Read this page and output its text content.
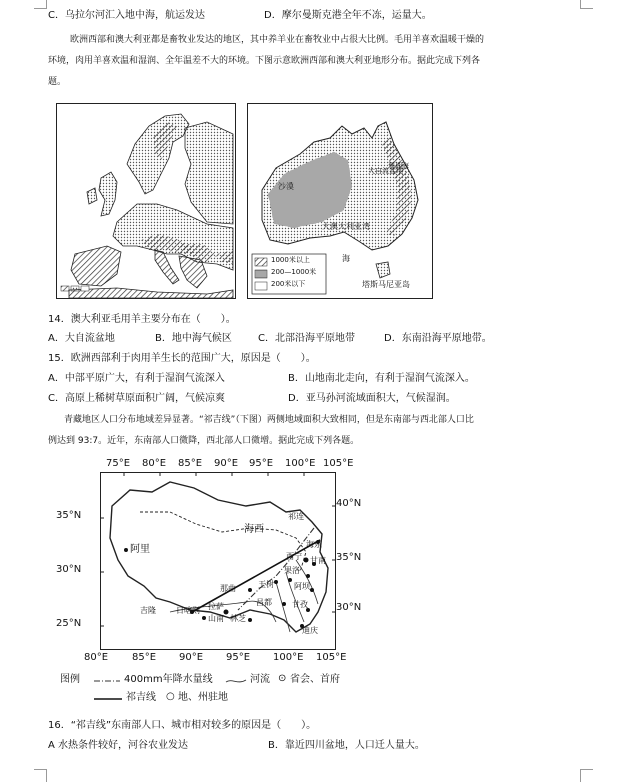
C．乌拉尔河汇入地中海，航运发达	D．摩尔曼斯克港全年不冻，运量大。
欧洲西部和澳大利亚都是畜牧业发达的地区，其中养羊业在畜牧业中占很大比例。毛用羊喜欢温暖干燥的
环境，肉用羊喜欢温和湿润、全年温差不大的环境。下图示意欧洲西部和澳大利亚地形分布。据此完成下列各
题。
沙漠
大自流盆地
珊瑚海
大澳大利亚湾
海
塔斯马尼亚岛
1000米以上
200—1000米
200米以下
14．澳大利亚毛用羊主要分布在（　　）。
A．大自流盆地	B．地中海气候区	C．北部沿海平原地带	D．东南沿海平原地带。
15．欧洲西部利于肉用羊生长的范围广大，原因是（　　）。
A．中部平原广大，有利于湿润气流深入	B．山地南北走向，有利于湿润气流深入。
C．高原上稀树草原面积广阔，气候凉爽	D．亚马孙河流域面积大，气候湿润。
青藏地区人口分布地域差异显著。“祁吉线”（下图）两侧地域面积大致相同，但是东南部与西北部人口比
例达到 93:7。近年，东南部人口微降，西北部人口微增。据此完成下列各题。
75°E 80°E 85°E 90°E 95°E 100°E 105°E
35°N
30°N
25°N
40°N
35°N
30°N
80°E 85°E 90°E 95°E 100°E 105°E
阿里
海西
祁连
西宁
海东
甘南
果洛
玉树	阿坝
那曲
昌都	甘孜
拉萨
日喀则
山南 林芝
吉隆
迪庆
图例	400mm年降水量线	河流 ⊙ 省会、首府
祁吉线 ○ 地、州驻地
16．“祁吉线”东南部人口、城市相对较多的原因是（　　）。
A 水热条件较好，河谷农业发达	B．靠近四川盆地，人口迁人量大。
